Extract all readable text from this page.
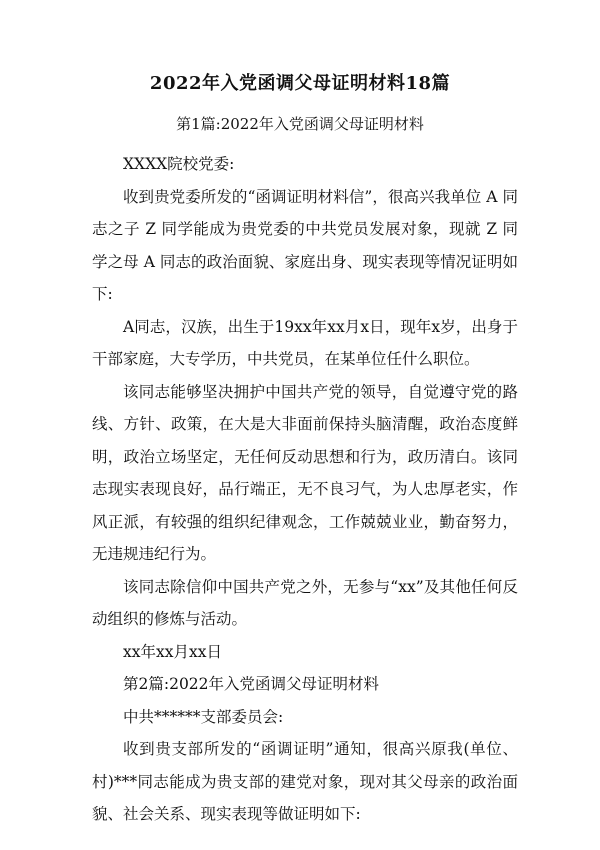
2022年入党函调父母证明材料18篇
第1篇:2022年入党函调父母证明材料

XXXX院校党委:

收到贵党委所发的“函调证明材料信”，很高兴我单位 A 同志之子 Z 同学能成为贵党委的中共党员发展对象，现就 Z 同学之母 A 同志的政治面貌、家庭出身、现实表现等情况证明如下:

A同志，汉族，出生于19xx年xx月x日，现年x岁，出身于干部家庭，大专学历，中共党员，在某单位任什么职位。

该同志能够坚决拥护中国共产党的领导，自觉遵守党的路线、方针、政策，在大是大非面前保持头脑清醒，政治态度鲜明，政治立场坚定，无任何反动思想和行为，政历清白。该同志现实表现良好，品行端正，无不良习气，为人忠厚老实，作风正派，有较强的组织纪律观念，工作兢兢业业，勤奋努力，无违规违纪行为。

该同志除信仰中国共产党之外，无参与“xx”及其他任何反动组织的修炼与活动。

xx年xx月xx日

第2篇:2022年入党函调父母证明材料

中共******支部委员会:

收到贵支部所发的“函调证明”通知，很高兴原我(单位、村)***同志能成为贵支部的建党对象，现对其父母亲的政治面貌、社会关系、现实表现等做证明如下:
